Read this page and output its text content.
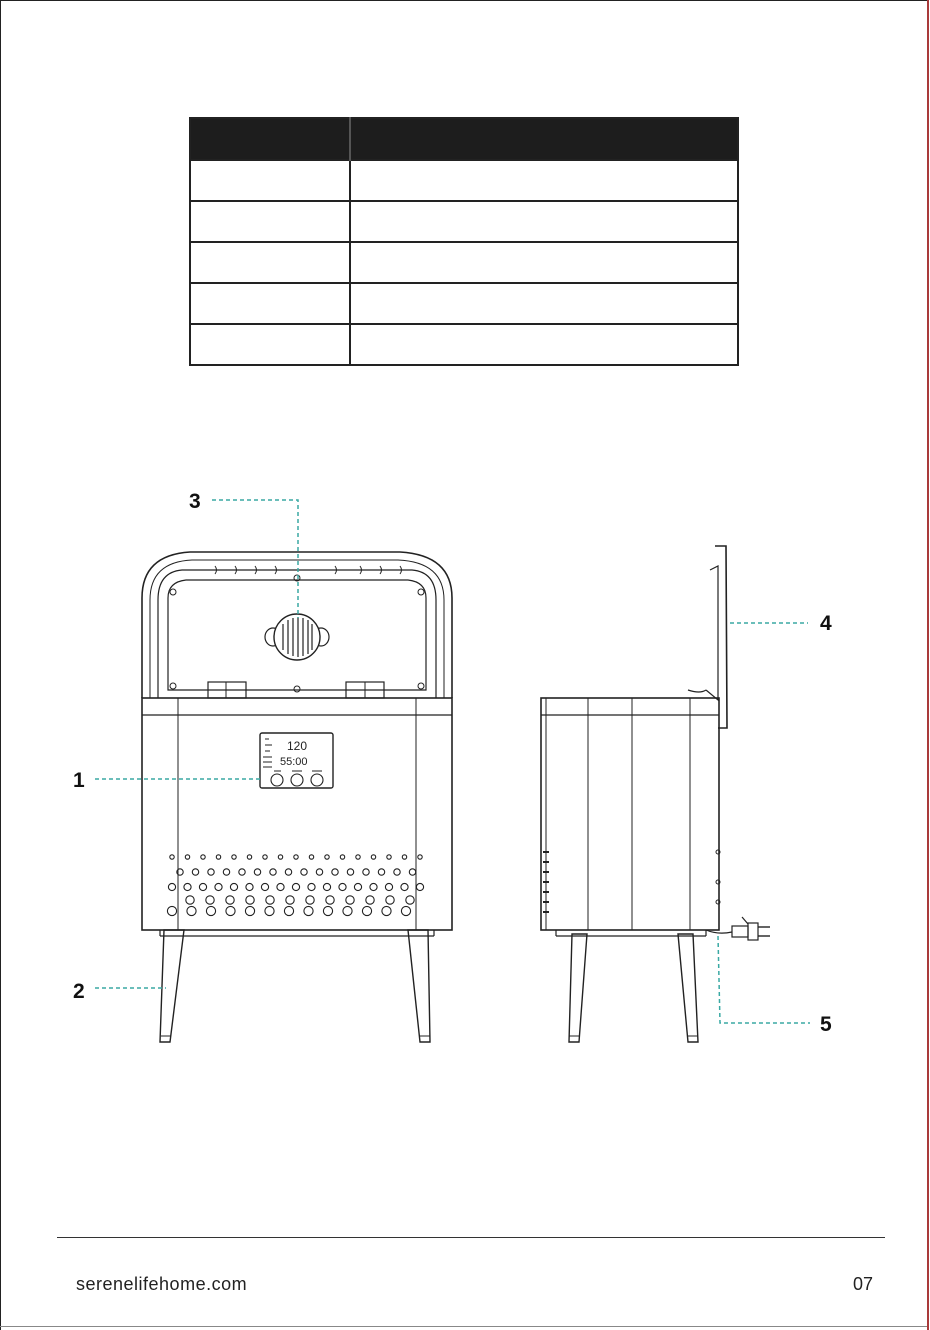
120
55:00
3
1
2
4
5
serenelifehome.com	07
